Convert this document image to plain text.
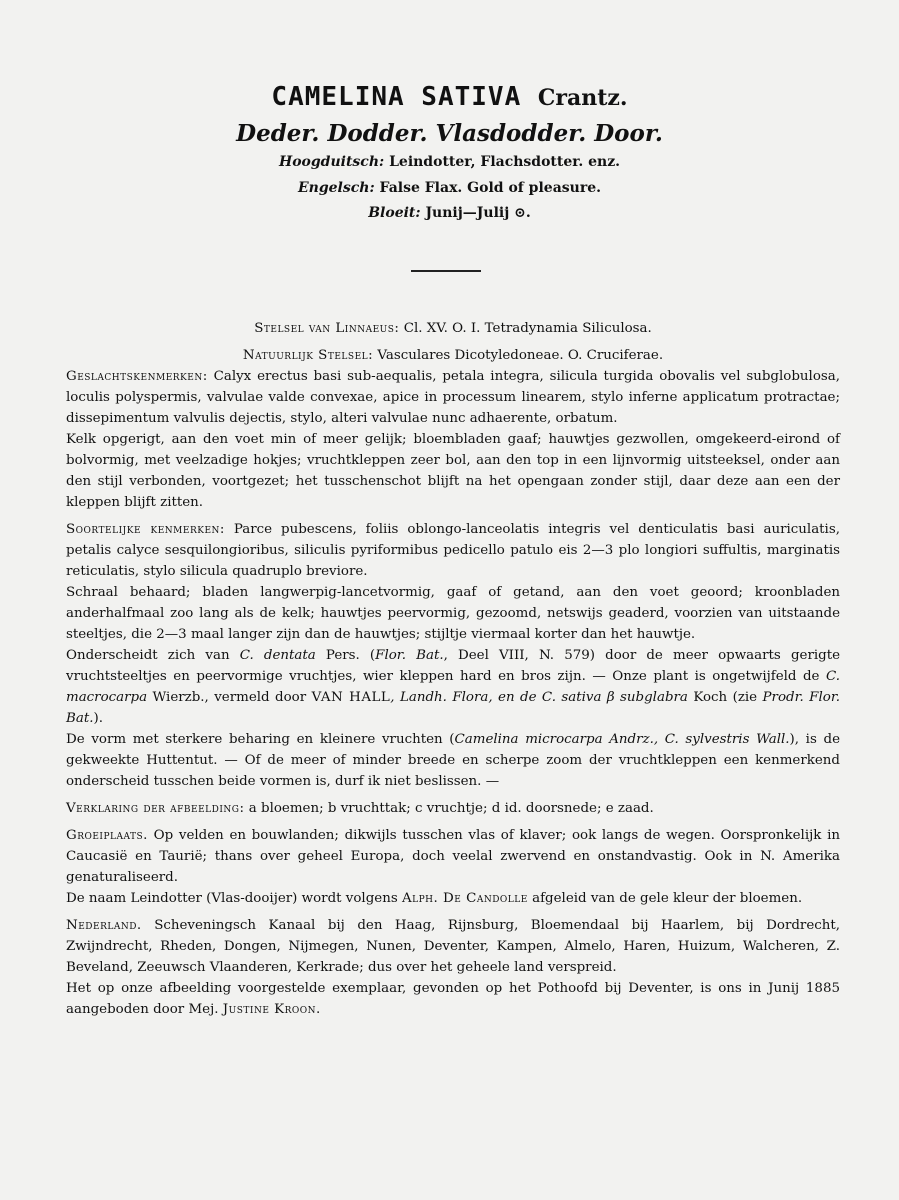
CAMELINA SATIVA Crantz.
Deder. Dodder. Vlasdodder. Door.
Hoogduitsch: Leindotter, Flachsdotter. enz.
Engelsch: False Flax. Gold of pleasure.
Bloeit: Junij—Julij ⊙.

Stelsel van Linnaeus: Cl. XV. O. I. Tetradynamia Siliculosa.

Natuurlijk Stelsel: Vasculares Dicotyledoneae. O. Cruciferae.

Geslachtskenmerken: Calyx erectus basi sub-aequalis, petala integra, silicula turgida obovalis vel subglobulosa, loculis polyspermis, valvulae valde convexae, apice in processum linearem, stylo inferne applicatum protractae; dissepimentum valvulis dejectis, stylo, alteri valvulae nunc adhaerente, orbatum.

Kelk opgerigt, aan den voet min of meer gelijk; bloembladen gaaf; hauwtjes gezwollen, omgekeerd-eirond of bolvormig, met veelzadige hokjes; vruchtkleppen zeer bol, aan den top in een lijnvormig uitsteeksel, onder aan den stijl verbonden, voortgezet; het tusschenschot blijft na het opengaan zonder stijl, daar deze aan een der kleppen blijft zitten.

Soortelijke kenmerken: Parce pubescens, foliis oblongo-lanceolatis integris vel denticulatis basi auriculatis, petalis calyce sesquilongioribus, siliculis pyriformibus pedicello patulo eis 2—3 plo longiori suffultis, marginatis reticulatis, stylo silicula quadruplo breviore.

Schraal behaard; bladen langwerpig-lancetvormig, gaaf of getand, aan den voet geoord; kroonbladen anderhalfmaal zoo lang als de kelk; hauwtjes peervormig, gezoomd, netswijs geaderd, voorzien van uitstaande steeltjes, die 2—3 maal langer zijn dan de hauwtjes; stijltje viermaal korter dan het hauwtje.

Onderscheidt zich van C. dentata Pers. (Flor. Bat., Deel VIII, N. 579) door de meer opwaarts gerigte vruchtsteeltjes en peervormige vruchtjes, wier kleppen hard en bros zijn. — Onze plant is ongetwijfeld de C. macrocarpa Wierzb., vermeld door VAN HALL, Landh. Flora, en de C. sativa β subglabra Koch (zie Prodr. Flor. Bat.).

De vorm met sterkere beharing en kleinere vruchten (Camelina microcarpa Andrz., C. sylvestris Wall.), is de gekweekte Huttentut. — Of de meer of minder breede en scherpe zoom der vruchtkleppen een kenmerkend onderscheid tusschen beide vormen is, durf ik niet beslissen. —

Verklaring der afbeelding: a bloemen; b vruchttak; c vruchtje; d id. doorsnede; e zaad.

Groeiplaats. Op velden en bouwlanden; dikwijls tusschen vlas of klaver; ook langs de wegen. Oorspronkelijk in Caucasië en Taurië; thans over geheel Europa, doch veelal zwervend en onstandvastig. Ook in N. Amerika genaturaliseerd.

De naam Leindotter (Vlas-dooijer) wordt volgens Alph. De Candolle afgeleid van de gele kleur der bloemen.

Nederland. Scheveningsch Kanaal bij den Haag, Rijnsburg, Bloemendaal bij Haarlem, bij Dordrecht, Zwijndrecht, Rheden, Dongen, Nijmegen, Nunen, Deventer, Kampen, Almelo, Haren, Huizum, Walcheren, Z. Beveland, Zeeuwsch Vlaanderen, Kerkrade; dus over het geheele land verspreid.

Het op onze afbeelding voorgestelde exemplaar, gevonden op het Pothoofd bij Deventer, is ons in Junij 1885 aangeboden door Mej. Justine Kroon.
